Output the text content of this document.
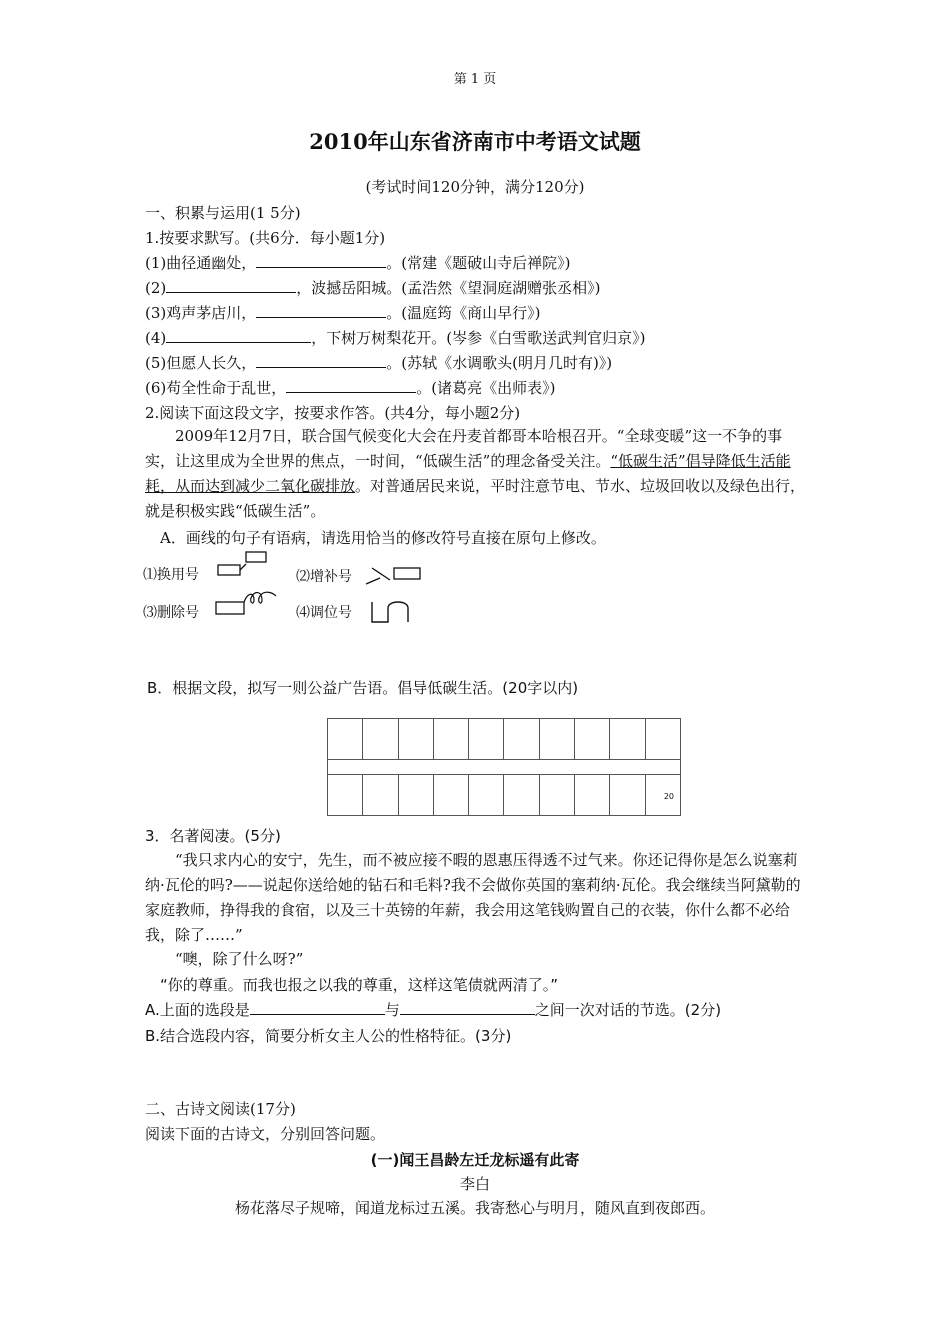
第 1 页
2010年山东省济南市中考语文试题
(考试时间120分钟，满分120分)
一、积累与运用(1 5分)
1.按要求默写。(共6分．每小题1分)
(1)曲径通幽处，	。(常建《题破山寺后禅院》)
(2)	，波撼岳阳城。(孟浩然《望洞庭湖赠张丞相》)
(3)鸡声茅店川，	。(温庭筠《商山早行》)
(4)	，下树万树梨花开。(岑参《白雪歌送武判官归京》)
(5)但愿人长久，	。(苏轼《水调歌头(明月几时有)》)
(6)苟全性命于乱世，	。(诸葛亮《出师表》)
2.阅读下面这段文字，按要求作答。(共4分，每小题2分)
2009年12月7日，联合国气候变化大会在丹麦首都哥本哈根召开。“全球变暖”这一不争的事实，让这里成为全世界的焦点，一时间，“低碳生活”的理念备受关注。“低碳生活”倡导降低生活能耗，从而达到减少二氧化碳排放。对普通居民来说，平时注意节电、节水、垃圾回收以及绿色出行，就是积极实践“低碳生活”。
A．画线的句子有语病，请选用恰当的修改符号直接在原句上修改。
⑴换用号	⑵增补号
⑶删除号	⑷调位号
B．根据文段，拟写一则公益广告语。倡导低碳生活。(20字以内)

									20
3．名著阅凄。(5分)
“我只求内心的安宁，先生，而不被应接不暇的恩惠压得透不过气来。你还记得你是怎么说塞莉纳·瓦伦的吗?——说起你送给她的钻石和毛料?我不会做你英国的塞莉纳·瓦伦。我会继续当阿黛勒的家庭教师，挣得我的食宿，以及三十英镑的年薪，我会用这笔钱购置自己的衣装，你什么都不必给我，除了……”
“噢，除了什么呀?”
“你的尊重。而我也报之以我的尊重，这样这笔债就两清了。”
A.上面的选段是	与	之间一次对话的节选。(2分)
B.结合选段内容，简要分析女主人公的性格特征。(3分)
二、古诗文阅读(17分)
阅读下面的古诗文，分别回答问题。
(一)闻王昌龄左迁龙标遥有此寄
李白
杨花落尽子规啼，闻道龙标过五溪。我寄愁心与明月，随风直到夜郎西。
